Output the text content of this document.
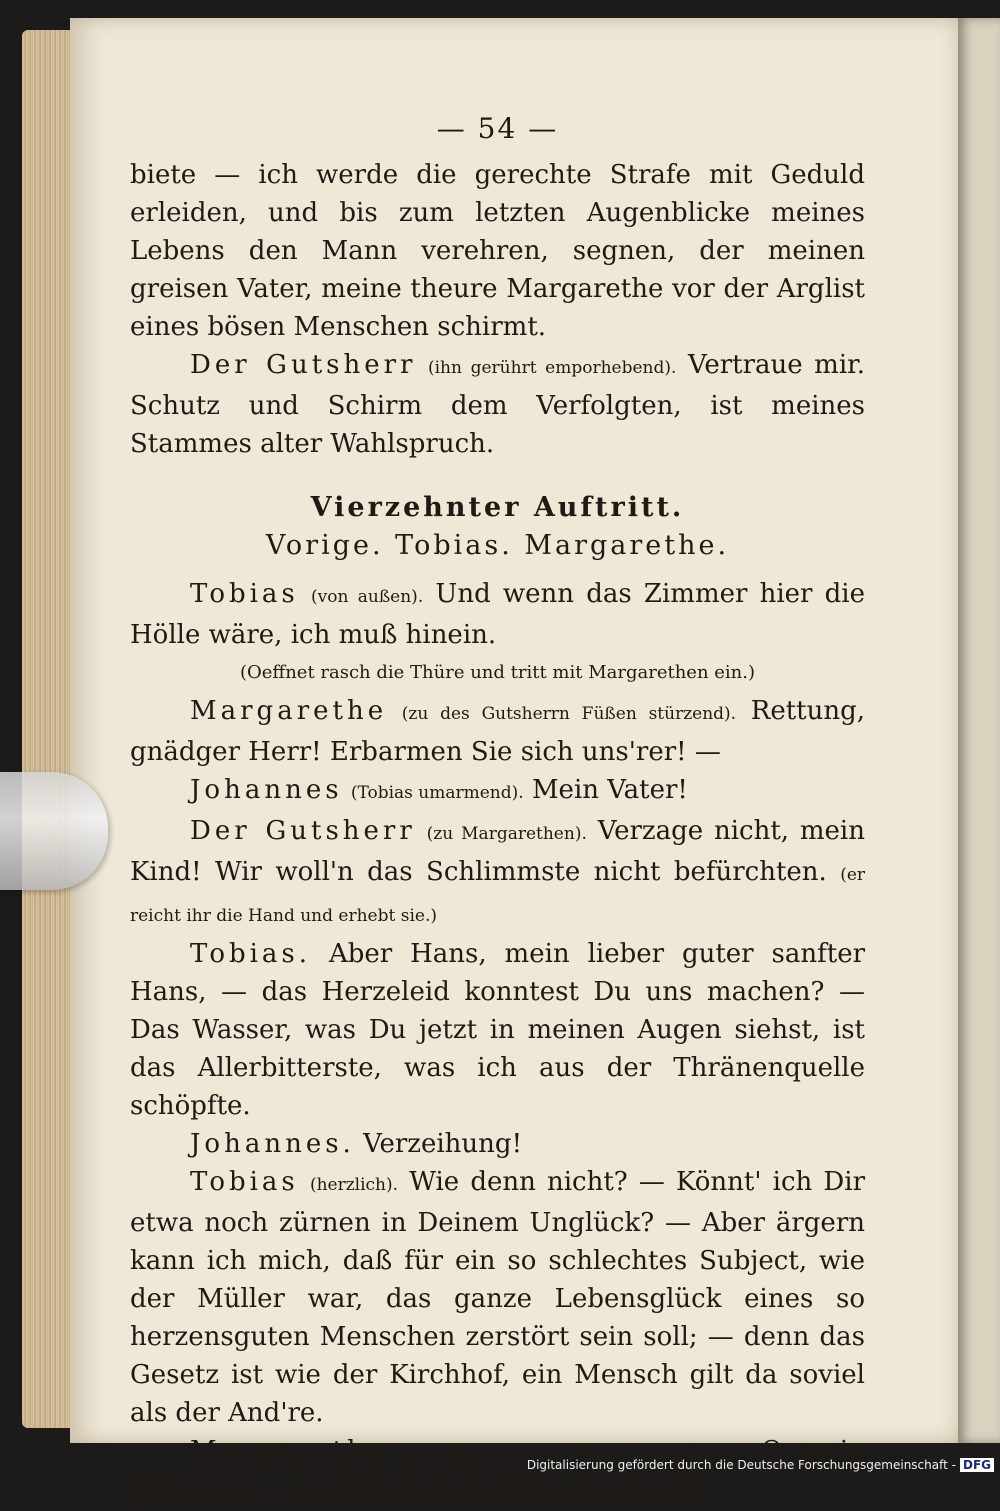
— 54 —

biete — ich werde die gerechte Strafe mit Geduld erleiden, und bis zum letzten Augenblicke meines Lebens den Mann verehren, segnen, der meinen greisen Vater, meine theure Margarethe vor der Arglist eines bösen Menschen schirmt.

Der Gutsherr (ihn gerührt emporhebend). Vertraue mir. Schutz und Schirm dem Verfolgten, ist meines Stammes alter Wahlspruch.

Vierzehnter Auftritt.
Vorige. Tobias. Margarethe.

Tobias (von außen). Und wenn das Zimmer hier die Hölle wäre, ich muß hinein.

(Oeffnet rasch die Thüre und tritt mit Margarethen ein.)

Margarethe (zu des Gutsherrn Füßen stürzend). Rettung, gnädger Herr! Erbarmen Sie sich uns'rer! —

Johannes (Tobias umarmend). Mein Vater!

Der Gutsherr (zu Margarethen). Verzage nicht, mein Kind! Wir woll'n das Schlimmste nicht befürchten. (er reicht ihr die Hand und erhebt sie.)

Tobias. Aber Hans, mein lieber guter sanfter Hans, — das Herzeleid konntest Du uns machen? — Das Wasser, was Du jetzt in meinen Augen siehst, ist das Allerbitterste, was ich aus der Thränenquelle schöpfte.

Johannes. Verzeihung!

Tobias (herzlich). Wie denn nicht? — Könnt' ich Dir etwa noch zürnen in Deinem Unglück? — Aber ärgern kann ich mich, daß für ein so schlechtes Subject, wie der Müller war, das ganze Lebensglück eines so herzensguten Menschen zerstört sein soll; — denn das Gesetz ist wie der Kirchhof, ein Mensch gilt da soviel als der And're.

Margarethe (Johannes in die Arme schließend). O mein Johannes — hast Du keinen Trost für mich?

Digitalisierung gefördert durch die Deutsche Forschungsgemeinschaft - DFG
